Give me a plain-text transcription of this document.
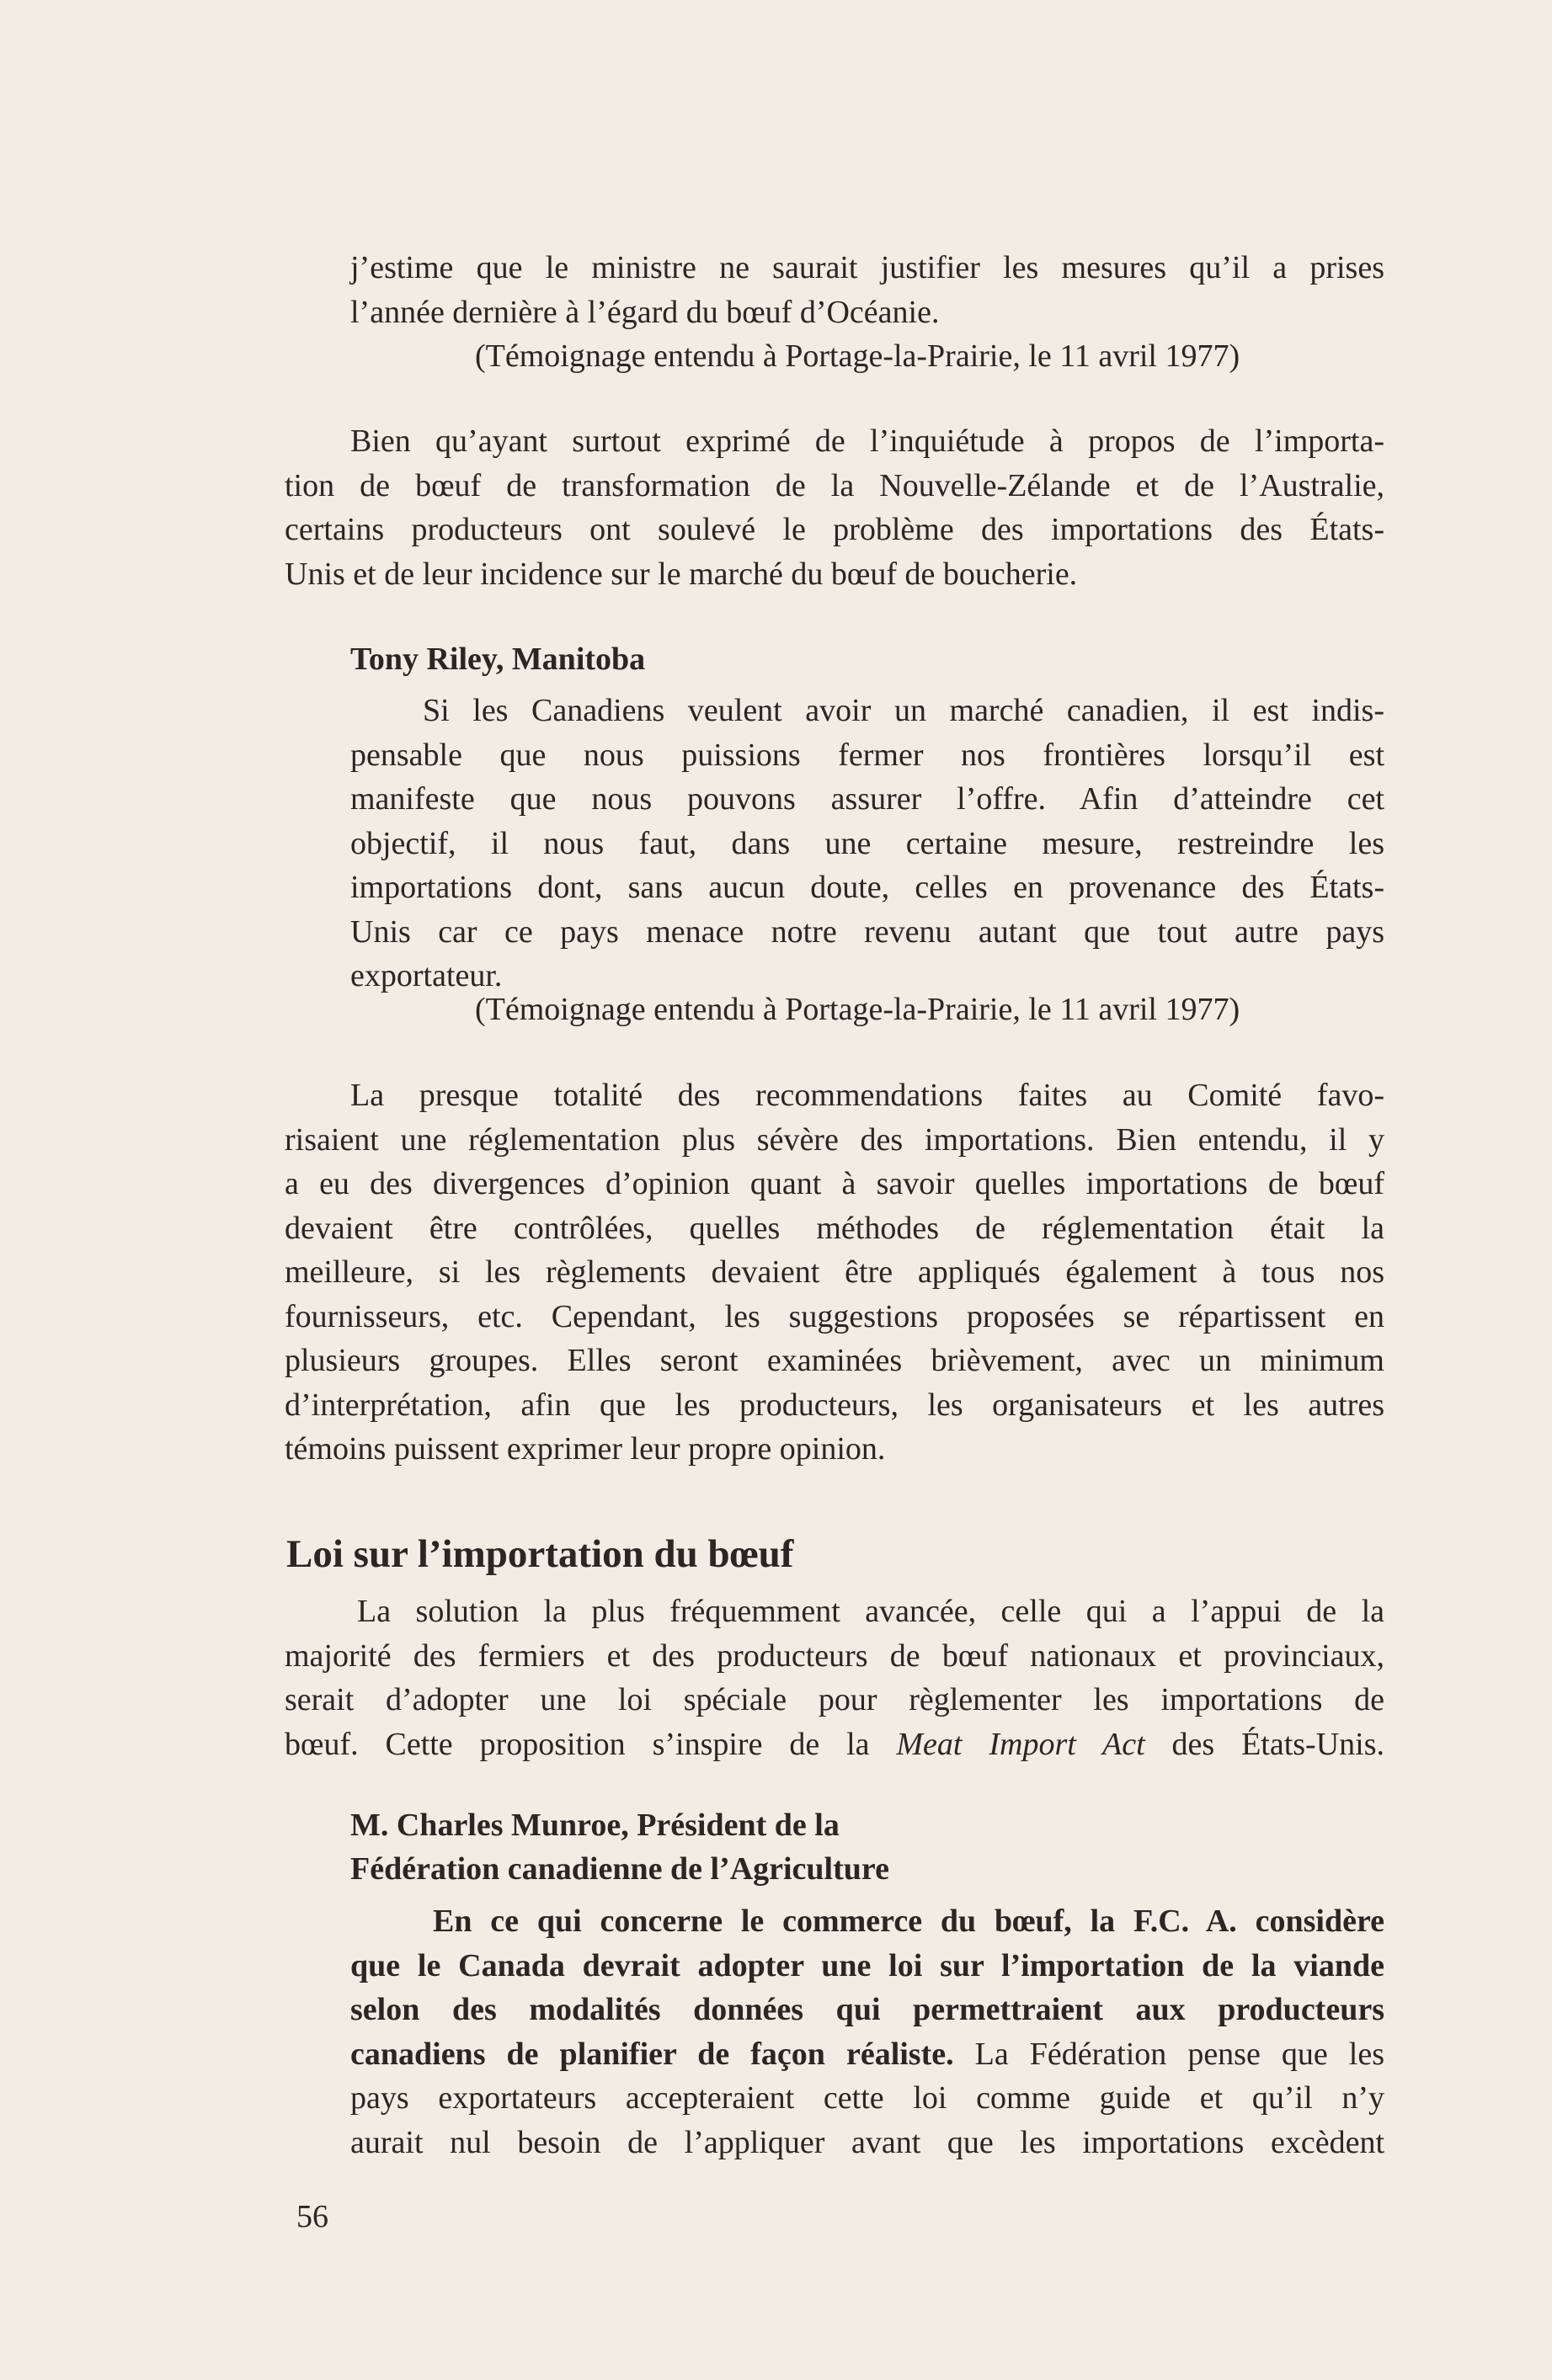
j’estime que le ministre ne saurait justifier les mesures qu’il a prises
l’année dernière à l’égard du bœuf d’Océanie.
(Témoignage entendu à Portage-la-Prairie, le 11 avril 1977)
Bien qu’ayant surtout exprimé de l’inquiétude à propos de l’importa-
tion de bœuf de transformation de la Nouvelle-Zélande et de l’Australie,
certains producteurs ont soulevé le problème des importations des États-
Unis et de leur incidence sur le marché du bœuf de boucherie.
Tony Riley, Manitoba
Si les Canadiens veulent avoir un marché canadien, il est indis-
pensable que nous puissions fermer nos frontières lorsqu’il est
manifeste que nous pouvons assurer l’offre. Afin d’atteindre cet
objectif, il nous faut, dans une certaine mesure, restreindre les
importations dont, sans aucun doute, celles en provenance des États-
Unis car ce pays menace notre revenu autant que tout autre pays
exportateur.
(Témoignage entendu à Portage-la-Prairie, le 11 avril 1977)
La presque totalité des recommendations faites au Comité favo-
risaient une réglementation plus sévère des importations. Bien entendu, il y
a eu des divergences d’opinion quant à savoir quelles importations de bœuf
devaient être contrôlées, quelles méthodes de réglementation était la
meilleure, si les règlements devaient être appliqués également à tous nos
fournisseurs, etc. Cependant, les suggestions proposées se répartissent en
plusieurs groupes. Elles seront examinées brièvement, avec un minimum
d’interprétation, afin que les producteurs, les organisateurs et les autres
témoins puissent exprimer leur propre opinion.
Loi sur l’importation du bœuf
La solution la plus fréquemment avancée, celle qui a l’appui de la
majorité des fermiers et des producteurs de bœuf nationaux et provinciaux,
serait d’adopter une loi spéciale pour règlementer les importations de
bœuf. Cette proposition s’inspire de la Meat Import Act des États-Unis.
M. Charles Munroe, Président de la
Fédération canadienne de l’Agriculture
En ce qui concerne le commerce du bœuf, la F.C. A. considère
que le Canada devrait adopter une loi sur l’importation de la viande
selon des modalités données qui permettraient aux producteurs
canadiens de planifier de façon réaliste. La Fédération pense que les
pays exportateurs accepteraient cette loi comme guide et qu’il n’y
aurait nul besoin de l’appliquer avant que les importations excèdent
56
